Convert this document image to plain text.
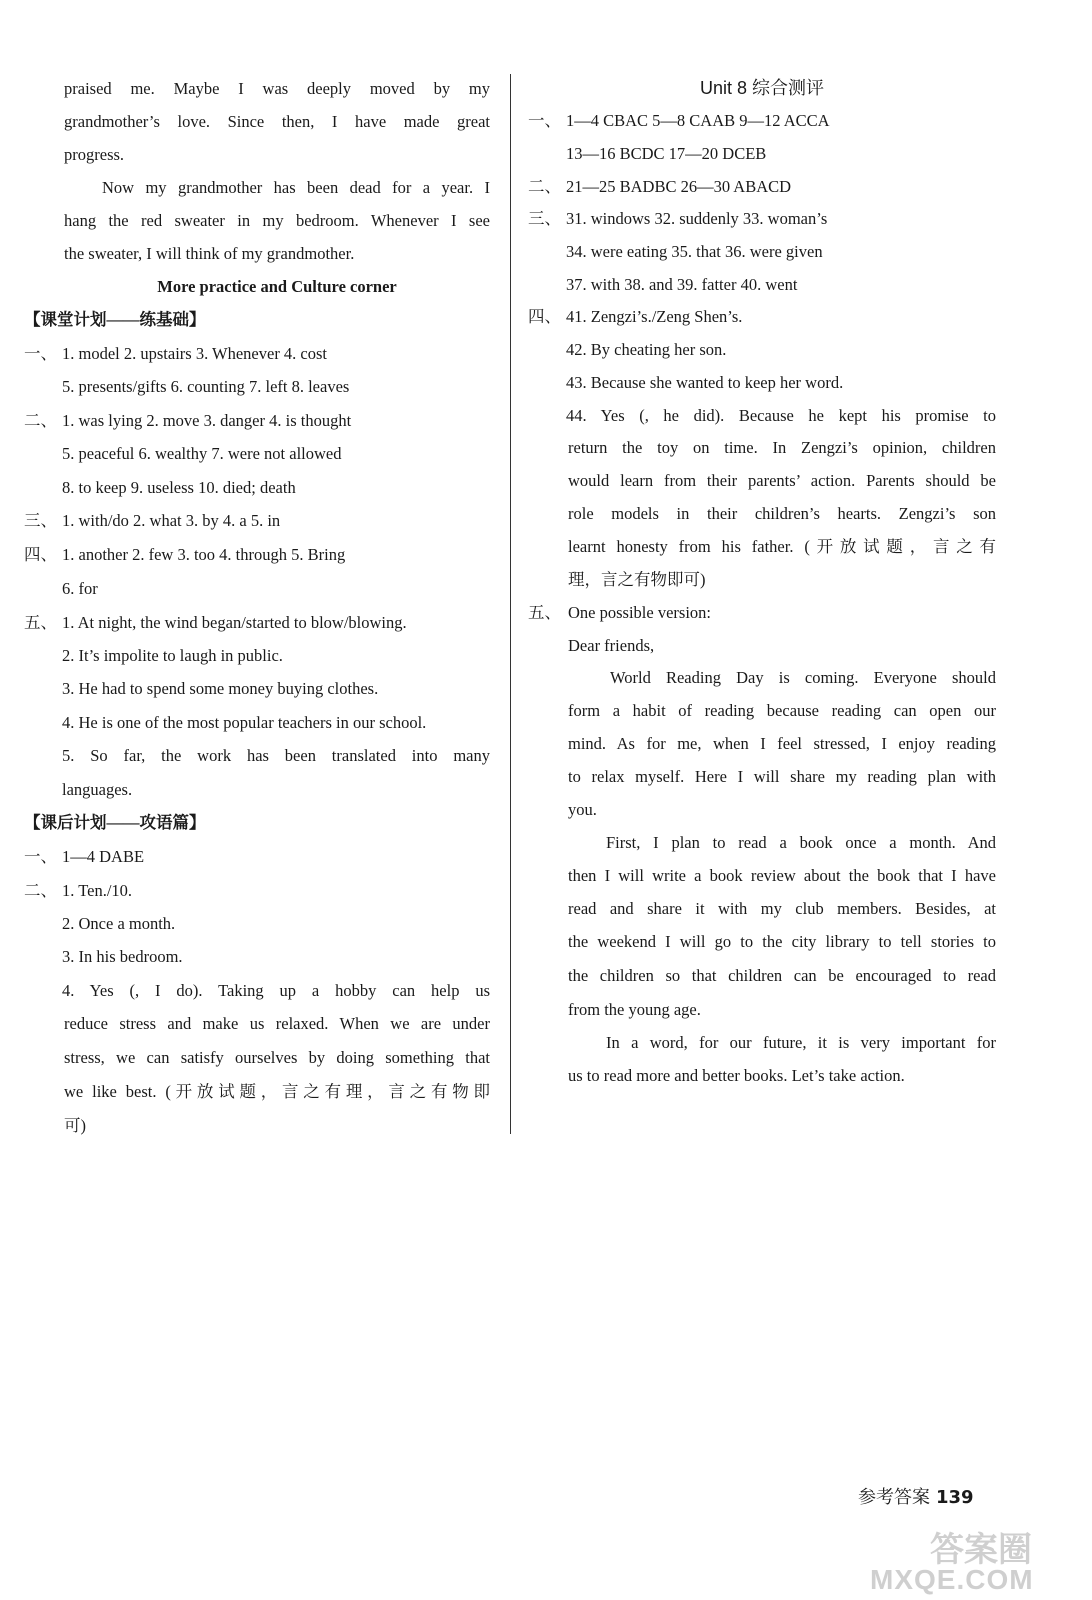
praised me. Maybe I was deeply moved by my
grandmother’s love. Since then, I have made great
progress.
Now my grandmother has been dead for a year. I
hang the red sweater in my bedroom. Whenever I see
the sweater, I will think of my grandmother.
More practice and Culture corner
【课堂计划——练基础】
一、 1. model 2. upstairs 3. Whenever 4. cost
5. presents/gifts 6. counting 7. left 8. leaves
二、 1. was lying 2. move 3. danger 4. is thought
5. peaceful 6. wealthy 7. were not allowed
8. to keep 9. useless 10. died; death
三、 1. with/do 2. what 3. by 4. a 5. in
四、 1. another 2. few 3. too 4. through 5. Bring
6. for
五、 1. At night, the wind began/started to blow/blowing.
2. It’s impolite to laugh in public.
3. He had to spend some money buying clothes.
4. He is one of the most popular teachers in our school.
5. So far, the work has been translated into many
languages.
【课后计划——攻语篇】
一、 1—4 DABE
二、 1. Ten./10.
2. Once a month.
3. In his bedroom.
4. Yes (, I do). Taking up a hobby can help us
reduce stress and make us relaxed. When we are under
stress, we can satisfy ourselves by doing something that
we like best. (开放试题，言之有理，言之有物即
可)
Unit 8 综合测评
一、 1—4 CBAC 5—8 CAAB 9—12 ACCA
13—16 BCDC 17—20 DCEB
二、 21—25 BADBC 26—30 ABACD
三、 31. windows 32. suddenly 33. woman’s
34. were eating 35. that 36. were given
37. with 38. and 39. fatter 40. went
四、 41. Zengzi’s./Zeng Shen’s.
42. By cheating her son.
43. Because she wanted to keep her word.
44. Yes (, he did). Because he kept his promise to
return the toy on time. In Zengzi’s opinion, children
would learn from their parents’ action. Parents should be
role models in their children’s hearts. Zengzi’s son
learnt honesty from his father. (开放试题，言之有
理，言之有物即可)
五、 One possible version:
Dear friends,
World Reading Day is coming. Everyone should
form a habit of reading because reading can open our
mind. As for me, when I feel stressed, I enjoy reading
to relax myself. Here I will share my reading plan with
you.
First, I plan to read a book once a month. And
then I will write a book review about the book that I have
read and share it with my club members. Besides, at
the weekend I will go to the city library to tell stories to
the children so that children can be encouraged to read
from the young age.
In a word, for our future, it is very important for
us to read more and better books. Let’s take action.
参考答案 139
答案圈
MXQE.COM
